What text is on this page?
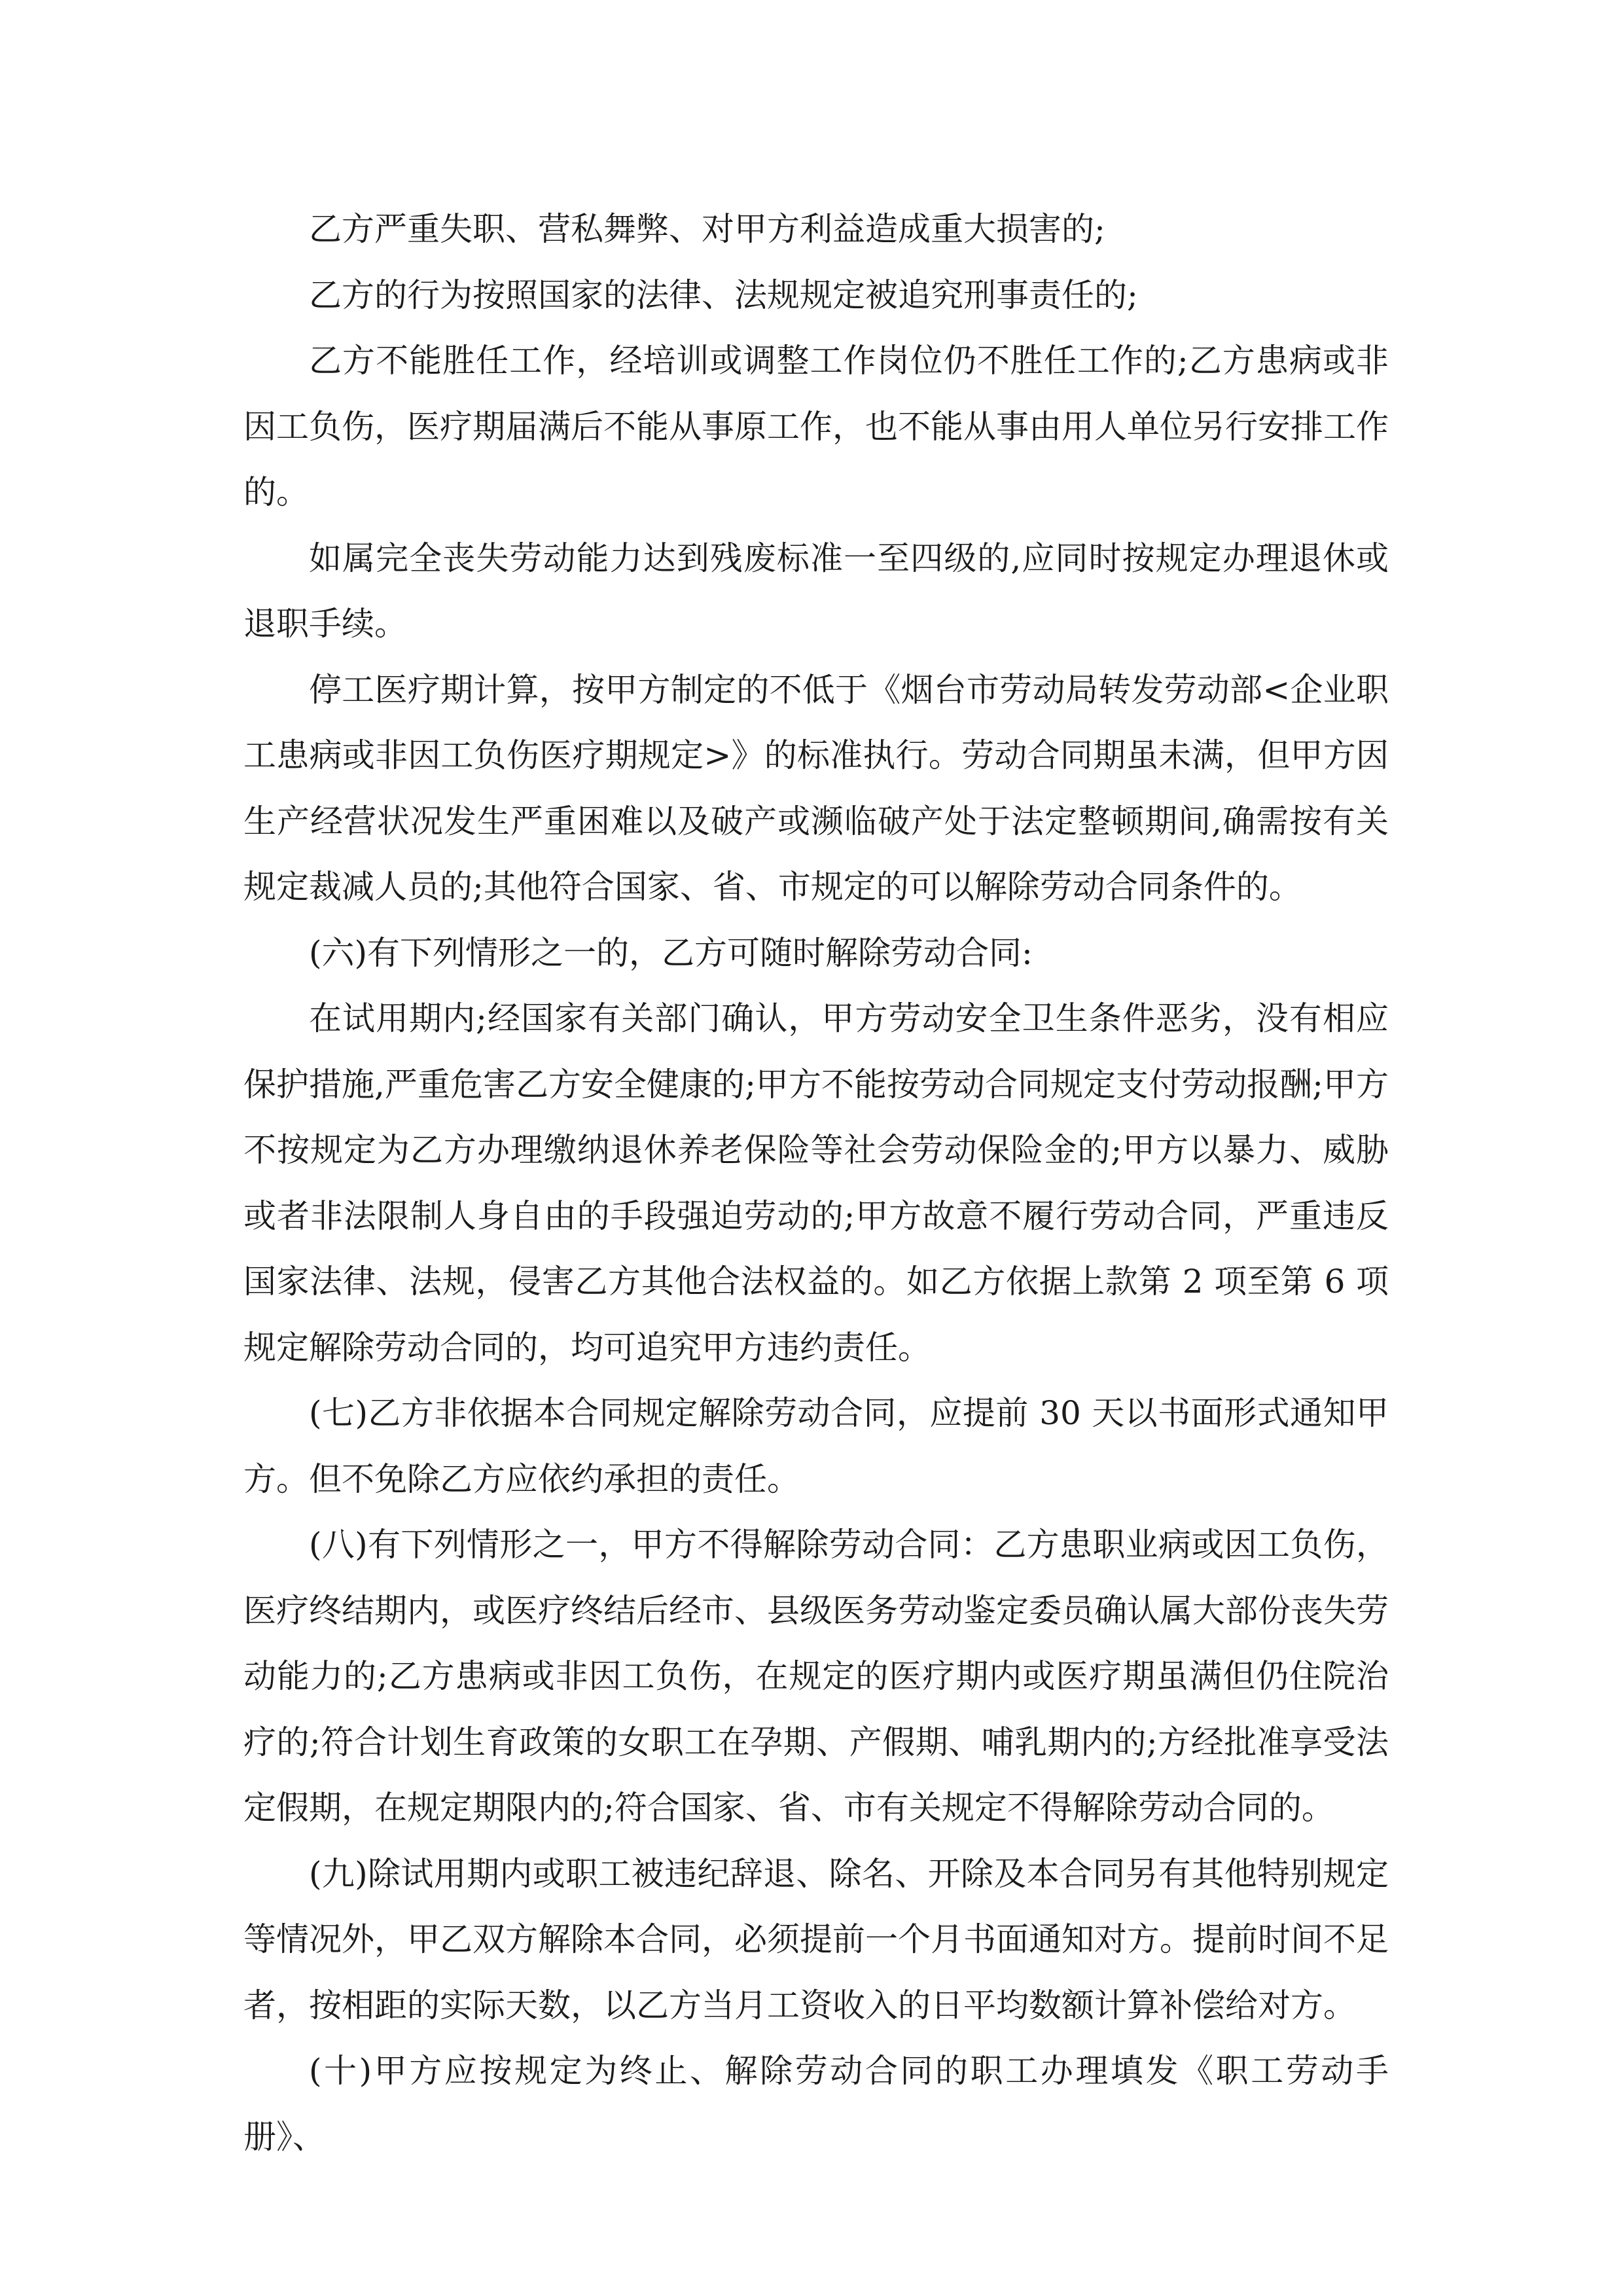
乙方严重失职、营私舞弊、对甲方利益造成重大损害的;

乙方的行为按照国家的法律、法规规定被追究刑事责任的;

乙方不能胜任工作，经培训或调整工作岗位仍不胜任工作的;乙方患病或非因工负伤，医疗期届满后不能从事原工作，也不能从事由用人单位另行安排工作的。

如属完全丧失劳动能力达到残废标准一至四级的,应同时按规定办理退休或退职手续。

停工医疗期计算，按甲方制定的不低于《烟台市劳动局转发劳动部<企业职工患病或非因工负伤医疗期规定>》的标准执行。劳动合同期虽未满，但甲方因生产经营状况发生严重困难以及破产或濒临破产处于法定整顿期间,确需按有关规定裁减人员的;其他符合国家、省、市规定的可以解除劳动合同条件的。

(六)有下列情形之一的，乙方可随时解除劳动合同:

在试用期内;经国家有关部门确认，甲方劳动安全卫生条件恶劣，没有相应保护措施,严重危害乙方安全健康的;甲方不能按劳动合同规定支付劳动报酬;甲方不按规定为乙方办理缴纳退休养老保险等社会劳动保险金的;甲方以暴力、威胁或者非法限制人身自由的手段强迫劳动的;甲方故意不履行劳动合同，严重违反国家法律、法规，侵害乙方其他合法权益的。如乙方依据上款第 2 项至第 6 项规定解除劳动合同的，均可追究甲方违约责任。

(七)乙方非依据本合同规定解除劳动合同，应提前 30 天以书面形式通知甲方。但不免除乙方应依约承担的责任。

(八)有下列情形之一，甲方不得解除劳动合同：乙方患职业病或因工负伤，医疗终结期内，或医疗终结后经市、县级医务劳动鉴定委员确认属大部份丧失劳动能力的;乙方患病或非因工负伤，在规定的医疗期内或医疗期虽满但仍住院治疗的;符合计划生育政策的女职工在孕期、产假期、哺乳期内的;方经批准享受法定假期，在规定期限内的;符合国家、省、市有关规定不得解除劳动合同的。

(九)除试用期内或职工被违纪辞退、除名、开除及本合同另有其他特别规定等情况外，甲乙双方解除本合同，必须提前一个月书面通知对方。提前时间不足者，按相距的实际天数，以乙方当月工资收入的日平均数额计算补偿给对方。

(十)甲方应按规定为终止、解除劳动合同的职工办理填发《职工劳动手册》、
